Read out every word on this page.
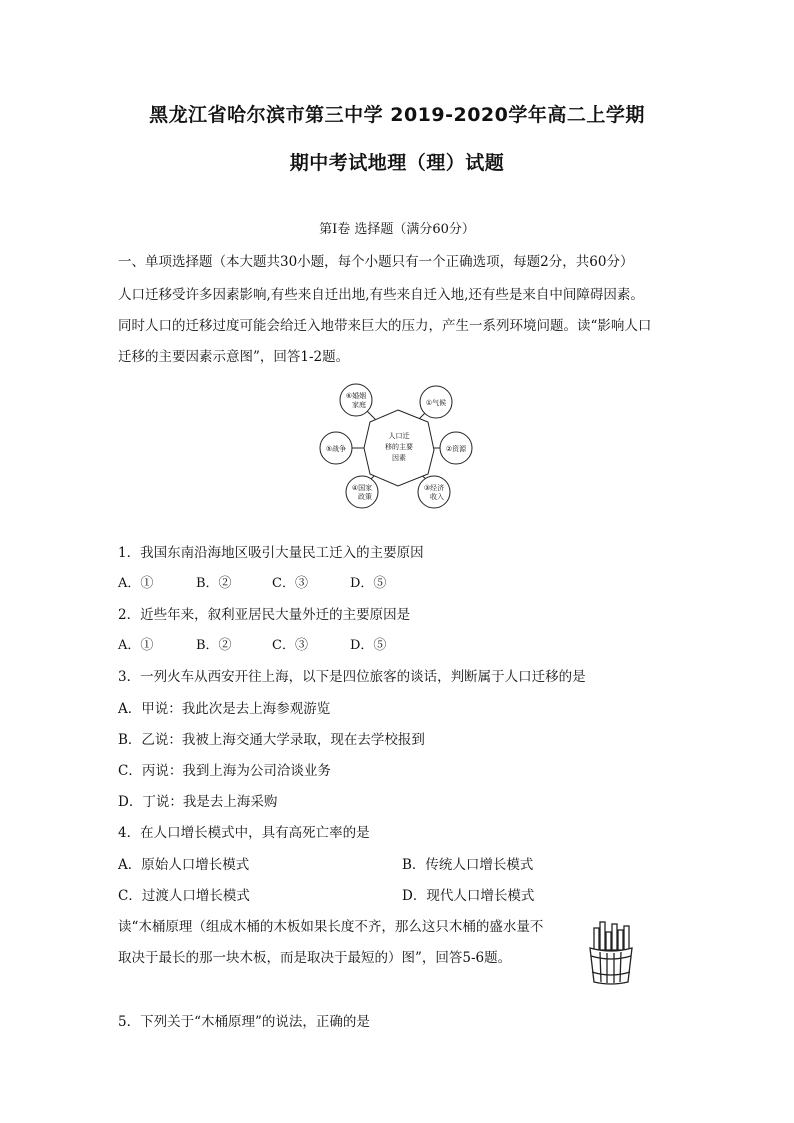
黑龙江省哈尔滨市第三中学 2019-2020学年高二上学期
期中考试地理（理）试题
第Ⅰ卷 选择题（满分60分）
一、单项选择题（本大题共30小题，每个小题只有一个正确选项，每题2分，共60分）
人口迁移受许多因素影响,有些来自迁出地,有些来自迁入地,还有些是来自中间障碍因素。
同时人口的迁移过度可能会给迁入地带来巨大的压力，产生一系列环境问题。读“影响人口
迁移的主要因素示意图”，回答1-2题。
人口迁
移的主要
因素
⑥婚姻
家庭	①气候
⑤战争	②资源
④国家
政策
③经济
收入
1．我国东南沿海地区吸引大量民工迁入的主要原因
A．①	B．②	C．③	D．⑤
2．近些年来，叙利亚居民大量外迁的主要原因是
A．①	B．②	C．③	D．⑤
3．一列火车从西安开往上海，以下是四位旅客的谈话，判断属于人口迁移的是
A．甲说：我此次是去上海参观游览
B．乙说：我被上海交通大学录取，现在去学校报到
C．丙说：我到上海为公司洽谈业务
D．丁说：我是去上海采购
4．在人口增长模式中，具有高死亡率的是
A．原始人口增长模式	B．传统人口增长模式
C．过渡人口增长模式	D．现代人口增长模式
读“木桶原理（组成木桶的木板如果长度不齐，那么这只木桶的盛水量不
取决于最长的那一块木板，而是取决于最短的）图”，回答5-6题。
5．下列关于“木桶原理”的说法，正确的是
